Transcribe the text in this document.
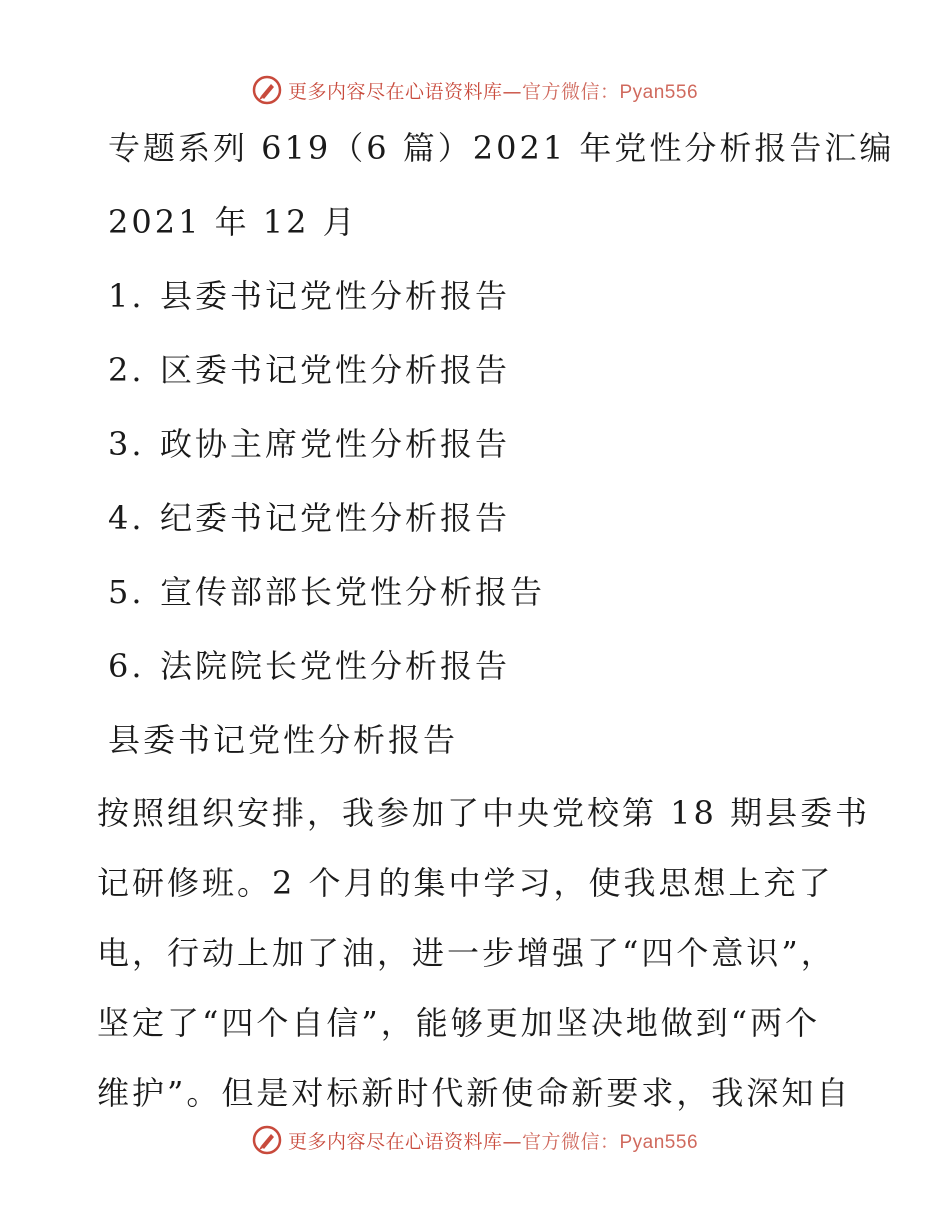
更多内容尽在心语资料库— 官方微信：Pyan556
专题系列 619（6 篇）2021 年党性分析报告汇编
2021 年 12 月
1. 县委书记党性分析报告
2. 区委书记党性分析报告
3. 政协主席党性分析报告
4. 纪委书记党性分析报告
5. 宣传部部长党性分析报告
6. 法院院长党性分析报告
县委书记党性分析报告
按照组织安排，我参加了中央党校第 18 期县委书
记研修班。2 个月的集中学习，使我思想上充了
电，行动上加了油，进一步增强了“四个意识”，
坚定了“四个自信”，能够更加坚决地做到“两个
维护”。但是对标新时代新使命新要求，我深知自
更多内容尽在心语资料库— 官方微信：Pyan556
